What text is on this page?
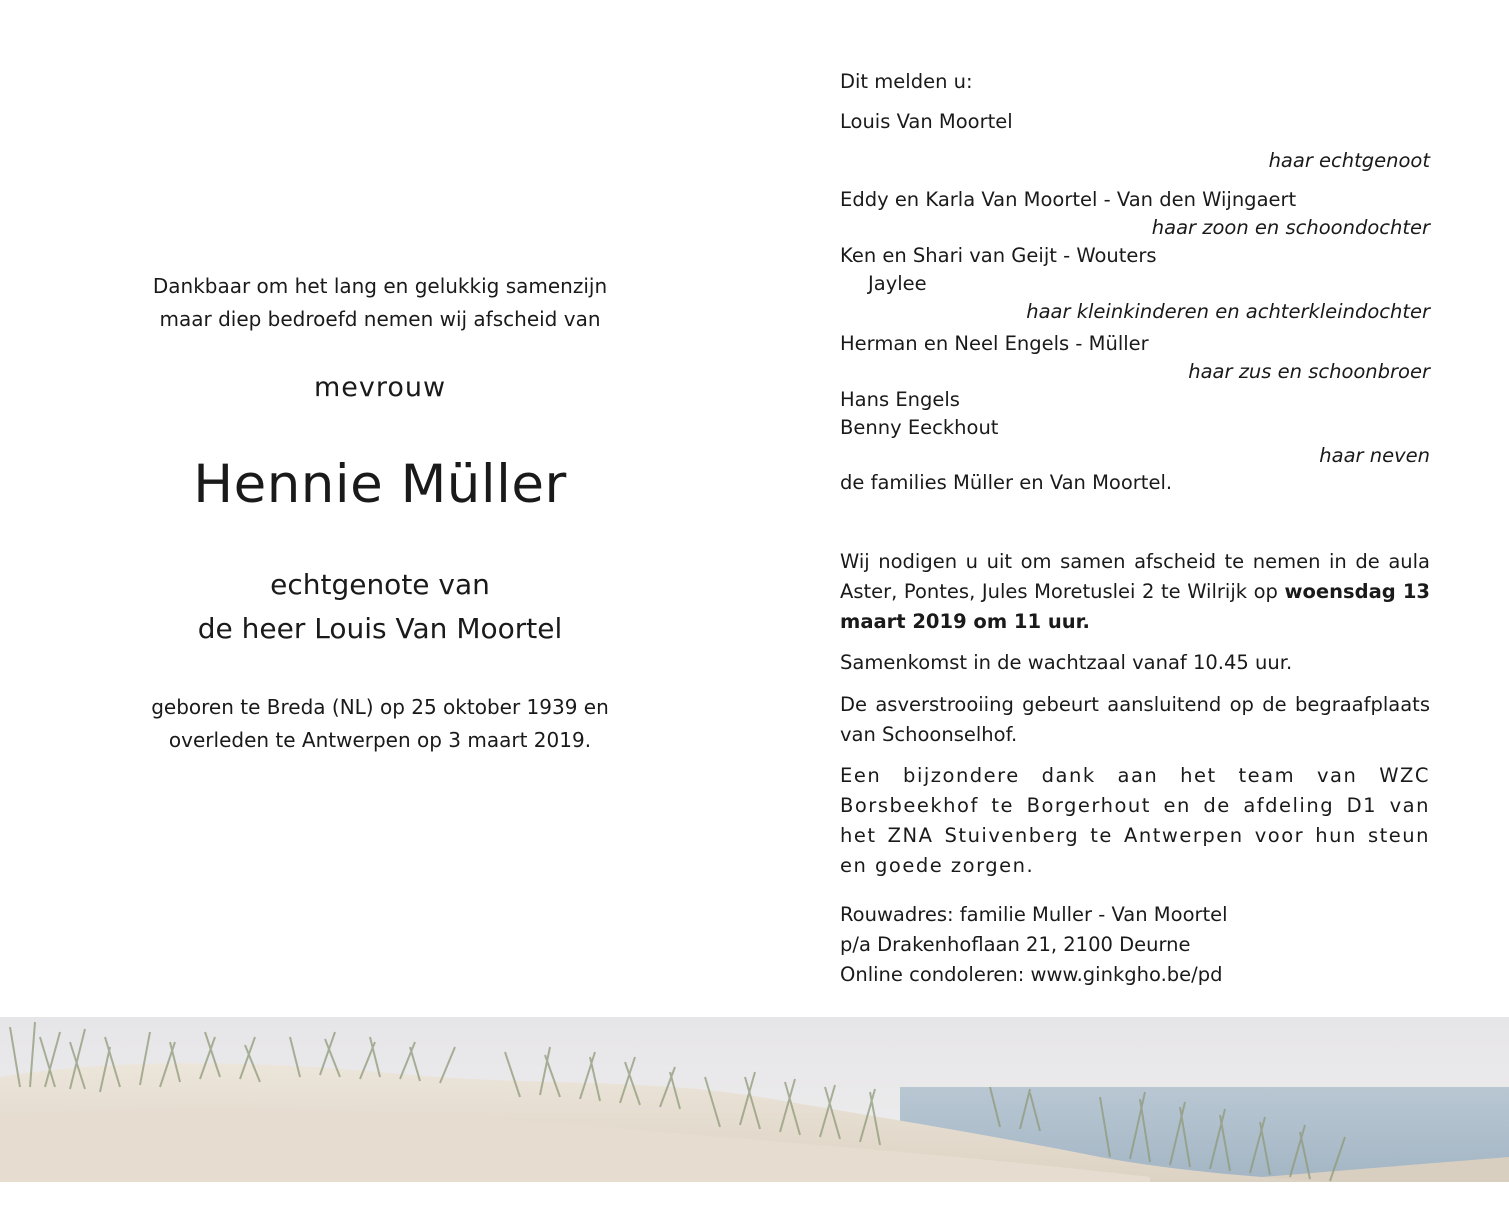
Dankbaar om het lang en gelukkig samenzijn
maar diep bedroefd nemen wij afscheid van
mevrouw
Hennie Müller
echtgenote van
de heer Louis Van Moortel
geboren te Breda (NL) op 25 oktober 1939 en
overleden te Antwerpen op 3 maart 2019.
Dit melden u:
Louis Van Moortel
haar echtgenoot
Eddy en Karla Van Moortel - Van den Wijngaert
haar zoon en schoondochter
Ken en Shari van Geijt - Wouters
Jaylee
haar kleinkinderen en achterkleindochter
Herman en Neel Engels - Müller
haar zus en schoonbroer
Hans Engels
Benny Eeckhout
haar neven
de families Müller en Van Moortel.
Wij nodigen u uit om samen afscheid te nemen in de aula Aster, Pontes, Jules Moretuslei 2 te Wilrijk op woensdag 13 maart 2019 om 11 uur.
Samenkomst in de wachtzaal vanaf 10.45 uur.
De asverstrooiing gebeurt aansluitend op de begraafplaats van Schoonselhof.
Een bijzondere dank aan het team van WZC Borsbeekhof te Borgerhout en de afdeling D1 van het ZNA Stuivenberg te Antwerpen voor hun steun en goede zorgen.
Rouwadres: familie Muller - Van Moortel
p/a Drakenhoflaan 21, 2100 Deurne
Online condoleren: www.ginkgho.be/pd
